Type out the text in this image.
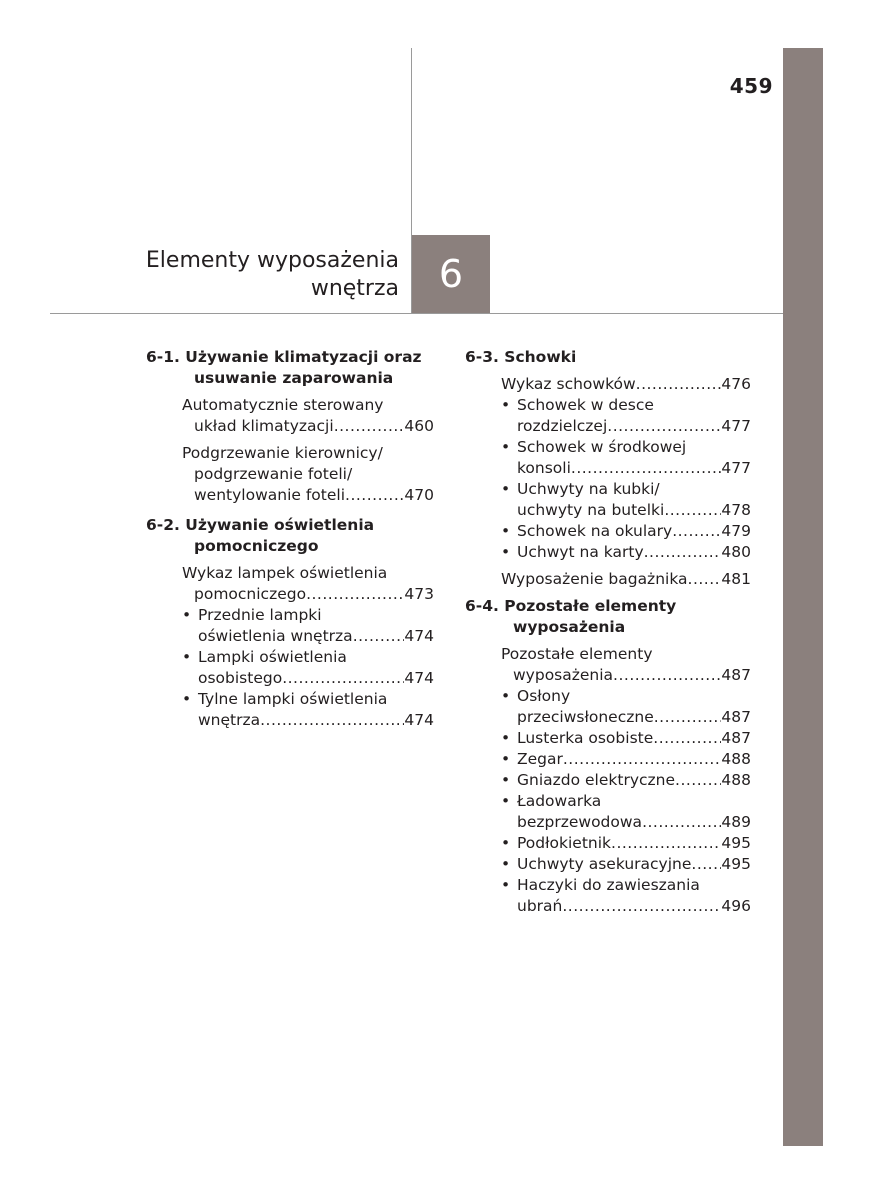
459
Elementy wyposażenia
wnętrza 6
6-1. Używanie klimatyzacji oraz
usuwanie zaparowania
Automatycznie sterowany
układ klimatyzacji .....	460
Podgrzewanie kierownicy/
podgrzewanie foteli/
wentylowanie foteli .....	470
6-2. Używanie oświetlenia
pomocniczego
Wykaz lampek oświetlenia
pomocniczego .....	473
• Przednie lampki
oświetlenia wnętrza .....	474
• Lampki oświetlenia
osobistego .....	474
• Tylne lampki oświetlenia
wnętrza .....	474
6-3. Schowki
Wykaz schowków .....	476
• Schowek w desce
rozdzielczej .....	477
• Schowek w środkowej
konsoli .....	477
• Uchwyty na kubki/
uchwyty na butelki .....	478
• Schowek na okulary .....	479
• Uchwyt na karty .....	480
Wyposażenie bagażnika ..... 481
6-4. Pozostałe elementy
wyposażenia
Pozostałe elementy
wyposażenia .....	487
• Osłony
przeciwsłoneczne .....	487
• Lusterka osobiste .....	487
• Zegar .....	488
• Gniazdo elektryczne .....	488
• Ładowarka
bezprzewodowa .....	489
• Podłokietnik .....	495
• Uchwyty asekuracyjne ..... 495
• Haczyki do zawieszania
ubrań .....	496
